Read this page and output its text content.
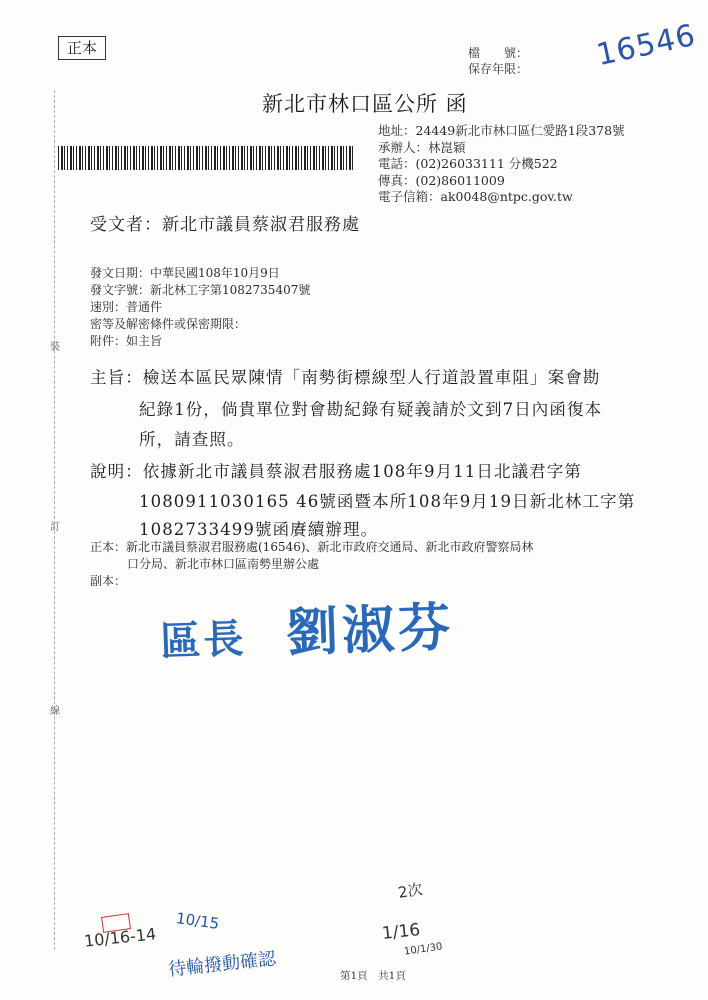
正本	檔　　號：
保存年限： 16546
新北市林口區公所 函
地址：24449新北市林口區仁愛路1段378號
承辦人：林崑穎
電話：(02)26033111 分機522
傳真：(02)86011009
電子信箱：ak0048@ntpc.gov.tw
受文者：新北市議員蔡淑君服務處
發文日期：中華民國108年10月9日
發文字號：新北林工字第1082735407號
速別：普通件
密等及解密條件或保密期限：
附件：如主旨
裝
訂
線
主旨：檢送本區民眾陳情「南勢街標線型人行道設置車阻」案會勘
紀錄1份，倘貴單位對會勘紀錄有疑義請於文到7日內函復本
所，請查照。
說明：依據新北市議員蔡淑君服務處108年9月11日北議君字第
1080911030165 46號函暨本所108年9月19日新北林工字第
1082733499號函賡續辦理。
正本：新北市議員蔡淑君服務處(16546)、新北市政府交通局、新北市政府警察局林
口分局、新北市林口區南勢里辦公處
副本：
區長 劉淑芬
10/16-14
10/15
待輪撥動確認
2次
1/16
10/1/30
第1頁　共1頁
